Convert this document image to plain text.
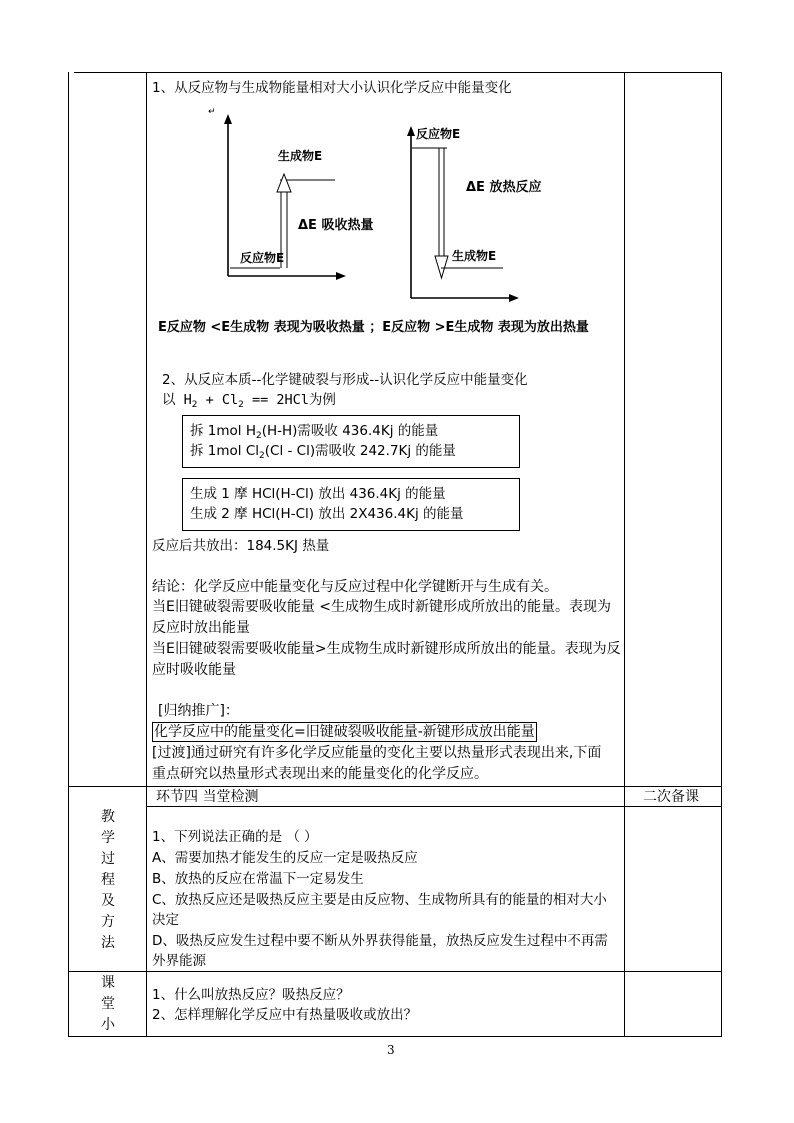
1、从反应物与生成物能量相对大小认识化学反应中能量变化
↵
生成物E
ΔE 吸收热量
反应物E
反应物E
ΔE 放热反应
生成物E
E反应物 <E生成物 表现为吸收热量 ；E反应物 >E生成物 表现为放出热量
2、从反应本质--化学键破裂与形成--认识化学反应中能量变化
以 $H_2 + Cl_2 == 2HCl$为例
拆 1mol $H_2(H-H)$需吸收 436.4Kj 的能量
拆 1mol $Cl_2(Cl - Cl)$需吸收 242.7Kj 的能量
生成 1 摩 HCl(H-Cl) 放出 436.4Kj 的能量
生成 2 摩 HCl(H-Cl) 放出 2X436.4Kj 的能量
反应后共放出：184.5KJ 热量
结论：化学反应中能量变化与反应过程中化学键断开与生成有关。
当E旧键破裂需要吸收能量 <生成物生成时新键形成所放出的能量。表现为
反应时放出能量
当E旧键破裂需要吸收能量>生成物生成时新键形成所放出的能量。表现为反
应时吸收能量
[归纳推广]：
化学反应中的能量变化=旧键破裂吸收能量-新键形成放出能量
[过渡]通过研究有许多化学反应能量的变化主要以热量形式表现出来,下面
重点研究以热量形式表现出来的能量变化的化学反应。
环节四 当堂检测	二次备课
教
学
过
程
及
方
法
1、下列说法正确的是 （ ）
A、需要加热才能发生的反应一定是吸热反应
B、放热的反应在常温下一定易发生
C、放热反应还是吸热反应主要是由反应物、生成物所具有的能量的相对大小
决定
D、吸热反应发生过程中要不断从外界获得能量，放热反应发生过程中不再需
外界能源
课
堂
小
1、什么叫放热反应？吸热反应？
2、怎样理解化学反应中有热量吸收或放出？
3
